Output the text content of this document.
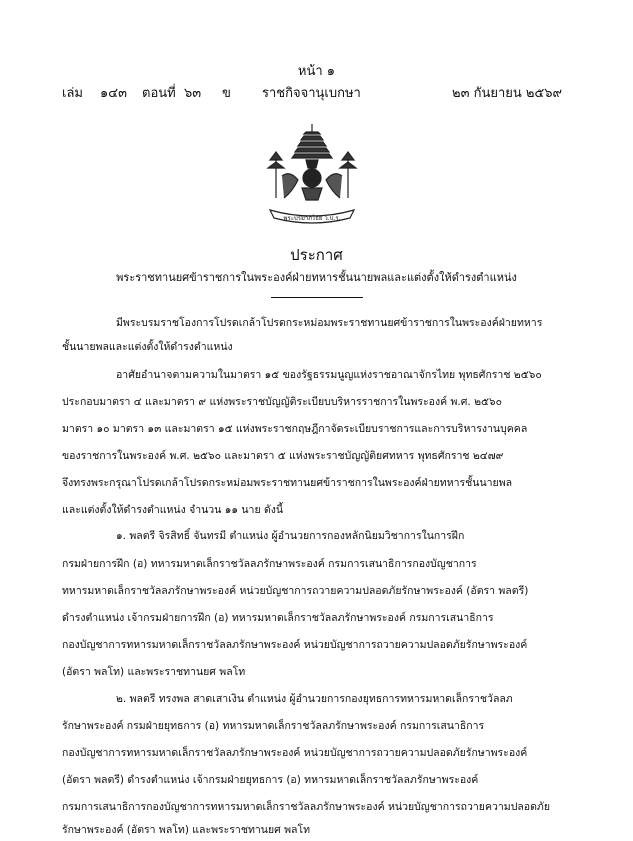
หน้า ๑
เล่ม ๑๔๓ ตอนที่ ๖๓ ข ราชกิจจานุเบกษา	๒๓ กันยายน ๒๕๖๙
พระปรมาภิไธย ว.ป.ร.
ประกาศ
พระราชทานยศข้าราชการในพระองค์ฝ่ายทหารชั้นนายพลและแต่งตั้งให้ดำรงตำแหน่ง
มีพระบรมราชโองการโปรดเกล้าโปรดกระหม่อมพระราชทานยศข้าราชการในพระองค์ฝ่ายทหาร
ชั้นนายพลและแต่งตั้งให้ดำรงตำแหน่ง
อาศัยอำนาจตามความในมาตรา ๑๕ ของรัฐธรรมนูญแห่งราชอาณาจักรไทย พุทธศักราช ๒๕๖๐
ประกอบมาตรา ๔ และมาตรา ๙ แห่งพระราชบัญญัติระเบียบบริหารราชการในพระองค์ พ.ศ. ๒๕๖๐
มาตรา ๑๐ มาตรา ๑๓ และมาตรา ๑๕ แห่งพระราชกฤษฎีกาจัดระเบียบราชการและการบริหารงานบุคคล
ของราชการในพระองค์ พ.ศ. ๒๕๖๐ และมาตรา ๕ แห่งพระราชบัญญัติยศทหาร พุทธศักราช ๒๔๗๙
จึงทรงพระกรุณาโปรดเกล้าโปรดกระหม่อมพระราชทานยศข้าราชการในพระองค์ฝ่ายทหารชั้นนายพล
และแต่งตั้งให้ดำรงตำแหน่ง จำนวน ๑๑ นาย ดังนี้
๑. พลตรี จิรสิทธิ์ จันทรมี ตำแหน่ง ผู้อำนวยการกองหลักนิยมวิชาการในการฝึก
กรมฝ่ายการฝึก (อ) ทหารมหาดเล็กราชวัลลภรักษาพระองค์ กรมการเสนาธิการกองบัญชาการ
ทหารมหาดเล็กราชวัลลภรักษาพระองค์ หน่วยบัญชาการถวายความปลอดภัยรักษาพระองค์ (อัตรา พลตรี)
ดำรงตำแหน่ง เจ้ากรมฝ่ายการฝึก (อ) ทหารมหาดเล็กราชวัลลภรักษาพระองค์ กรมการเสนาธิการ
กองบัญชาการทหารมหาดเล็กราชวัลลภรักษาพระองค์ หน่วยบัญชาการถวายความปลอดภัยรักษาพระองค์
(อัตรา พลโท) และพระราชทานยศ พลโท
๒. พลตรี ทรงพล สาดเสาเงิน ตำแหน่ง ผู้อำนวยการกองยุทธการทหารมหาดเล็กราชวัลลภ
รักษาพระองค์ กรมฝ่ายยุทธการ (อ) ทหารมหาดเล็กราชวัลลภรักษาพระองค์ กรมการเสนาธิการ
กองบัญชาการทหารมหาดเล็กราชวัลลภรักษาพระองค์ หน่วยบัญชาการถวายความปลอดภัยรักษาพระองค์
(อัตรา พลตรี) ดำรงตำแหน่ง เจ้ากรมฝ่ายยุทธการ (อ) ทหารมหาดเล็กราชวัลลภรักษาพระองค์
กรมการเสนาธิการกองบัญชาการทหารมหาดเล็กราชวัลลภรักษาพระองค์ หน่วยบัญชาการถวายความปลอดภัย
รักษาพระองค์ (อัตรา พลโท) และพระราชทานยศ พลโท
